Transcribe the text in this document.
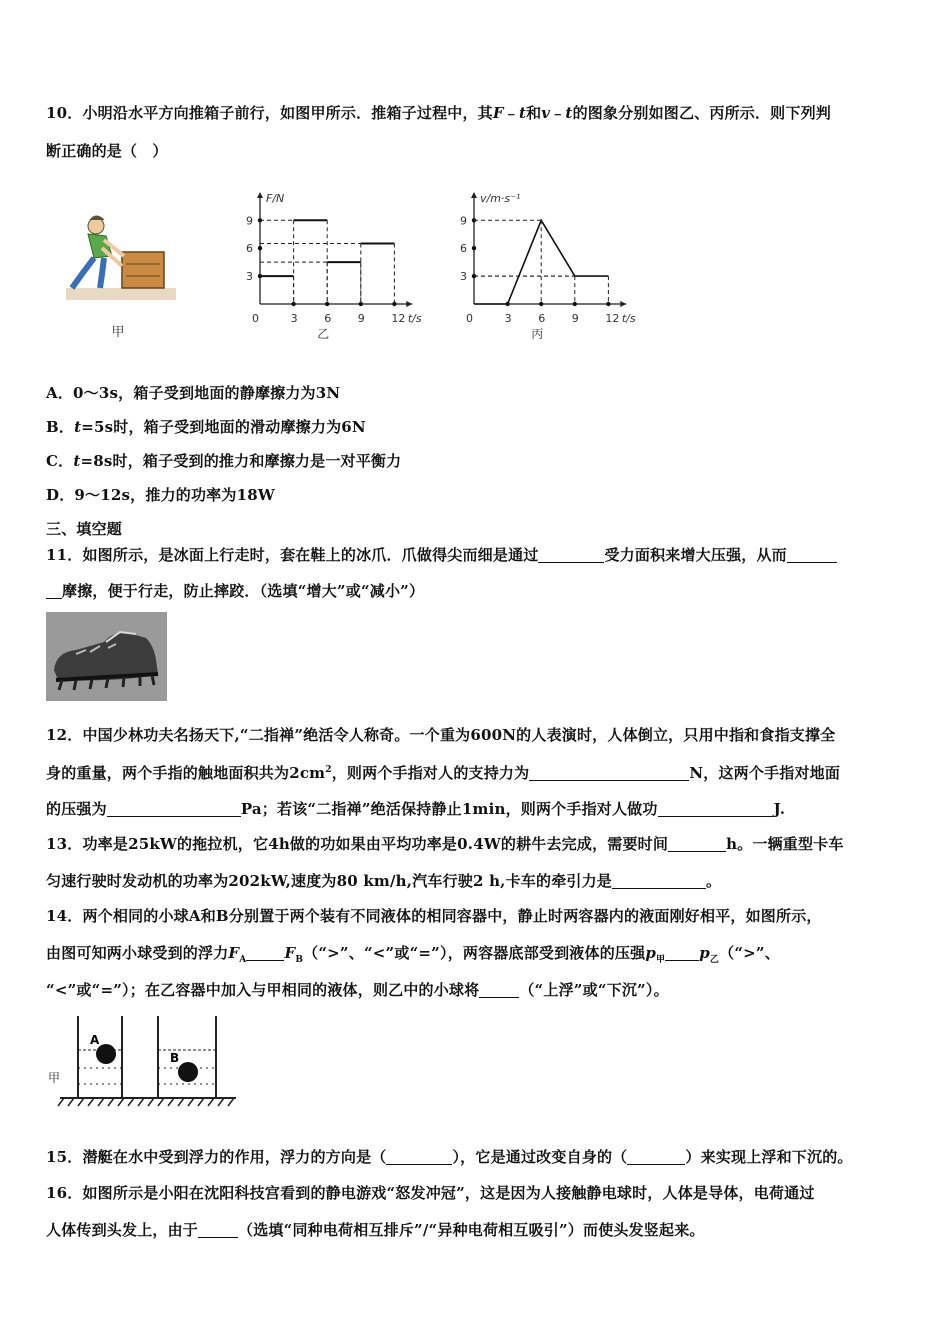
10．小明沿水平方向推箱子前行，如图甲所示．推箱子过程中，其F﹣t和v﹣t的图象分别如图乙、丙所示．则下列判
断正确的是（　）
甲
F/N
t/s
0	3 6 9 12
3
6
9
乙
v/m·s⁻¹
t/s
0	3 6 9 12
3
6
9
丙
A．0～3s，箱子受到地面的静摩擦力为3N
B．t=5s时，箱子受到地面的滑动摩擦力为6N
C．t=8s时，箱子受到的推力和摩擦力是一对平衡力
D．9～12s，推力的功率为18W
三、填空题
11．如图所示，是冰面上行走时，套在鞋上的冰爪．爪做得尖而细是通过	受力面积来增大压强，从而
摩擦，便于行走，防止摔跤．（选填“增大”或“减小”）
12．中国少林功夫名扬天下,“二指禅”绝活令人称奇。一个重为600N的人表演时，人体倒立，只用中指和食指支撑全
身的重量，两个手指的触地面积共为$2cm^2$，则两个手指对人的支持力为	N，这两个手指对地面
的压强为	Pa；若该“二指禅”绝活保持静止1min，则两个手指对人做功	J.
13．功率是25kW的拖拉机，它4h做的功如果由平均功率是0.4W的耕牛去完成，需要时间	h。一辆重型卡车
匀速行驶时发动机的功率为202kW,速度为80 km/h,汽车行驶2 h,卡车的牵引力是	。
14．两个相同的小球A和B分别置于两个装有不同液体的相同容器中，静止时两容器内的液面刚好相平，如图所示，
由图可知两小球受到的浮力$F_A$	$F_B(“>$”、“<”或“=”），两容器底部受到液体的压强$p_甲$ $p_乙(“>$”、
“<”或“=”）；在乙容器中加入与甲相同的液体，则乙中的小球将	（“上浮”或“下沉”）。
甲
A
B
15．潜艇在水中受到浮力的作用，浮力的方向是（	），它是通过改变自身的（	）来实现上浮和下沉的。
16．如图所示是小阳在沈阳科技宫看到的静电游戏“怒发冲冠”，这是因为人接触静电球时，人体是导体，电荷通过
人体传到头发上，由于	（选填“同种电荷相互排斥”/“异种电荷相互吸引”）而使头发竖起来。
